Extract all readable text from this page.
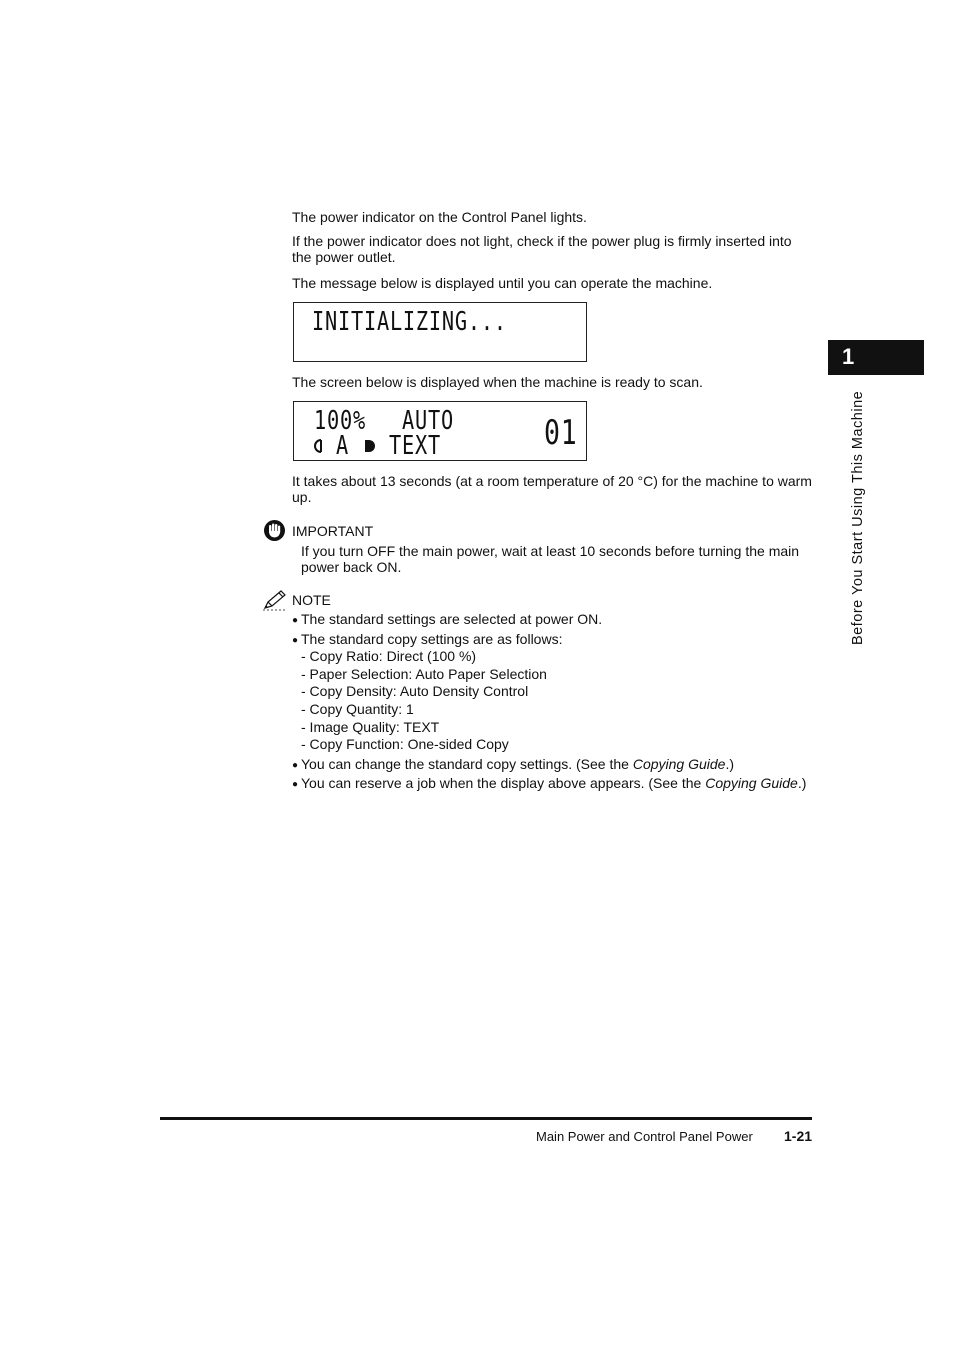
The power indicator on the Control Panel lights.

If the power indicator does not light, check if the power plug is firmly inserted into the power outlet.

The message below is displayed until you can operate the machine.

INITIALIZING...

The screen below is displayed when the machine is ready to scan.

100% AUTO
A TEXT	01

It takes about 13 seconds (at a room temperature of 20 °C) for the machine to warm up.

IMPORTANT

If you turn OFF the main power, wait at least 10 seconds before turning the main power back ON.

NOTE

● The standard settings are selected at power ON.
● The standard copy settings are as follows:
- Copy Ratio: Direct (100 %)
- Paper Selection: Auto Paper Selection
- Copy Density: Auto Density Control
- Copy Quantity: 1
- Image Quality: TEXT
- Copy Function: One-sided Copy
● You can change the standard copy settings. (See the Copying Guide.)
● You can reserve a job when the display above appears. (See the Copying Guide.)
1
Before You Start Using This Machine
Main Power and Control Panel Power 1-21
